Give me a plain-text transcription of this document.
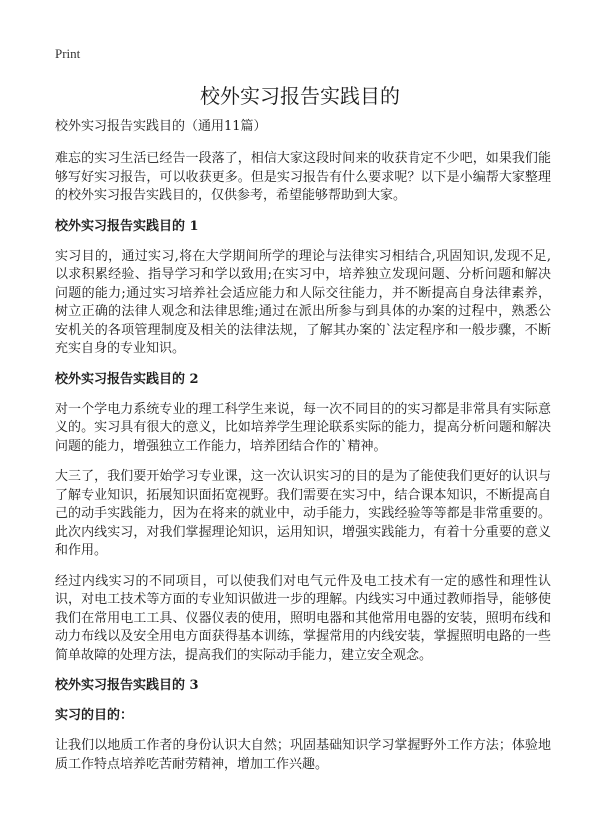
Print
校外实习报告实践目的
校外实习报告实践目的（通用11篇）

难忘的实习生活已经告一段落了，相信大家这段时间来的收获肯定不少吧，如果我们能够写好实习报告，可以收获更多。但是实习报告有什么要求呢？以下是小编帮大家整理的校外实习报告实践目的，仅供参考，希望能够帮助到大家。

校外实习报告实践目的 1

实习目的，通过实习,将在大学期间所学的理论与法律实习相结合,巩固知识,发现不足,以求积累经验、指导学习和学以致用;在实习中，培养独立发现问题、分析问题和解决问题的能力;通过实习培养社会适应能力和人际交往能力，并不断提高自身法律素养，树立正确的法律人观念和法律思维;通过在派出所参与到具体的办案的过程中，熟悉公安机关的各项管理制度及相关的法律法规，了解其办案的`法定程序和一般步骤，不断充实自身的专业知识。

校外实习报告实践目的 2

对一个学电力系统专业的理工科学生来说，每一次不同目的的实习都是非常具有实际意义的。实习具有很大的意义，比如培养学生理论联系实际的能力，提高分析问题和解决问题的能力，增强独立工作能力，培养团结合作的`精神。

大三了，我们要开始学习专业课，这一次认识实习的目的是为了能使我们更好的认识与了解专业知识，拓展知识面拓宽视野。我们需要在实习中，结合课本知识，不断提高自己的动手实践能力，因为在将来的就业中，动手能力，实践经验等等都是非常重要的。此次内线实习，对我们掌握理论知识，运用知识，增强实践能力，有着十分重要的意义和作用。

经过内线实习的不同项目，可以使我们对电气元件及电工技术有一定的感性和理性认识，对电工技术等方面的专业知识做进一步的理解。内线实习中通过教师指导，能够使我们在常用电工工具、仪器仪表的使用，照明电器和其他常用电器的安装，照明布线和动力布线以及安全用电方面获得基本训练，掌握常用的内线安装，掌握照明电路的一些简单故障的处理方法，提高我们的实际动手能力，建立安全观念。

校外实习报告实践目的 3
实习的目的：

让我们以地质工作者的身份认识大自然；巩固基础知识学习掌握野外工作方法；体验地质工作特点培养吃苦耐劳精神，增加工作兴趣。
